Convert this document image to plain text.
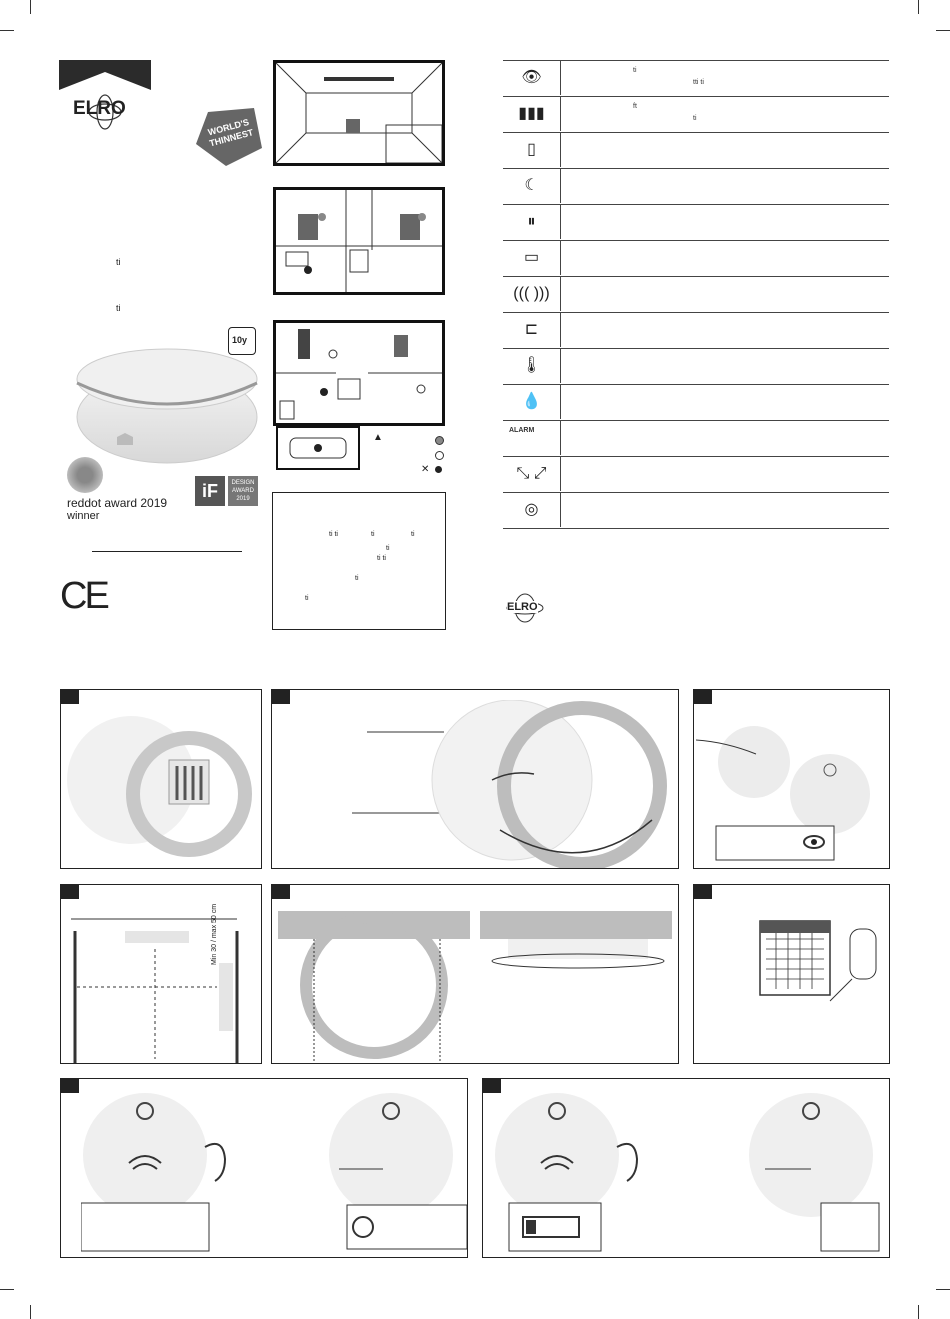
ELRO
WORLD'S THINNEST
ti
ti
10y
reddot award 2019
winner
iF	DESIGN AWARD 2019
CE
▲
✕
ti ti	ti	ti
ti
ti ti
ti
ti
👁	ti
tti ti
▮▮▮	ft
ti
▯
☾
⏸
▭
((( )))
⊏
🌡
💧
ALARM
⤡ ⤢
◎
ELRO
Min 30 / max 50 cm
